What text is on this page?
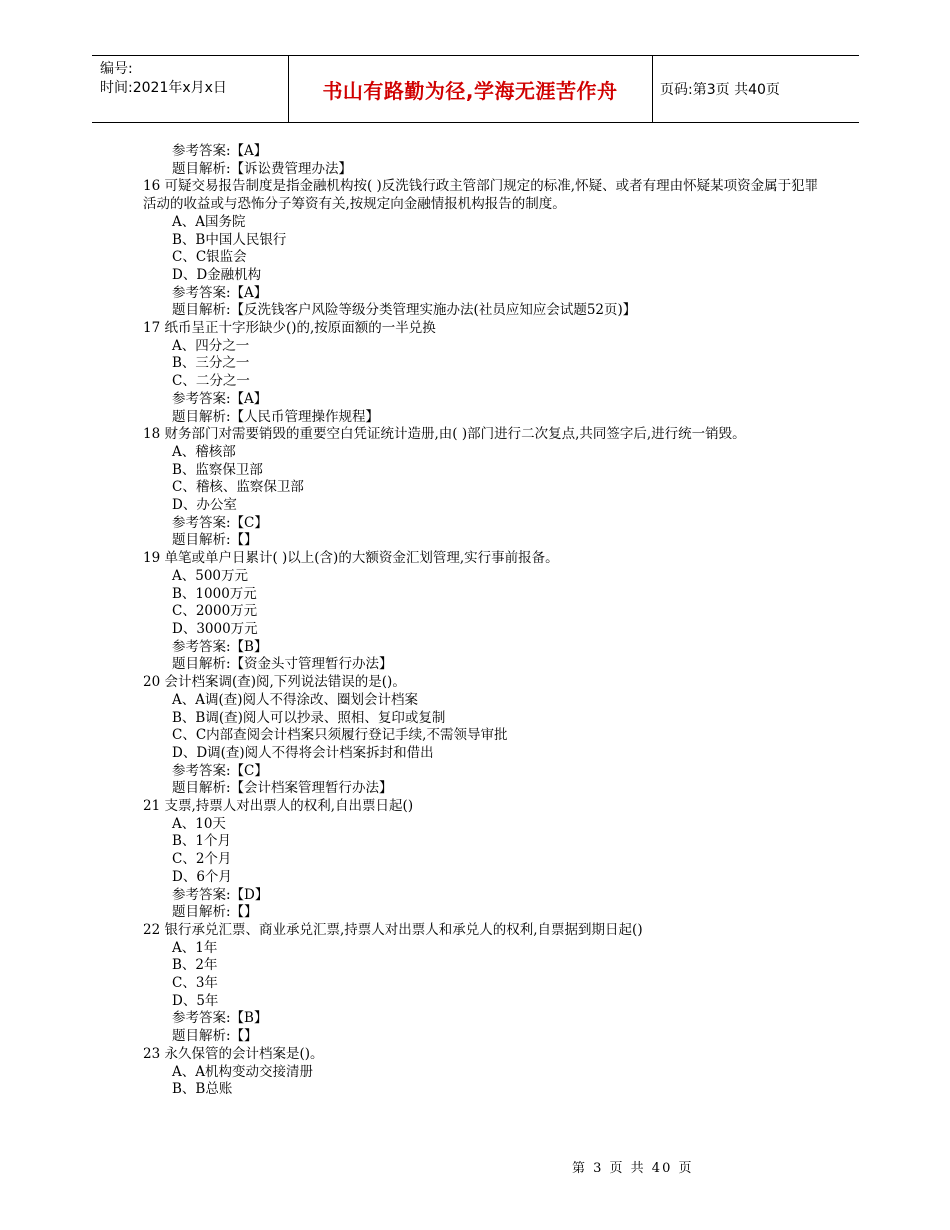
编号:
时间:2021年x月x日	书山有路勤为径,学海无涯苦作舟	页码:第3页 共40页
参考答案:【A】
题目解析:【诉讼费管理办法】
16 可疑交易报告制度是指金融机构按( )反洗钱行政主管部门规定的标准,怀疑、或者有理由怀疑某项资金属于犯罪活动的收益或与恐怖分子筹资有关,按规定向金融情报机构报告的制度。
A、A国务院
B、B中国人民银行
C、C银监会
D、D金融机构
参考答案:【A】
题目解析:【反洗钱客户风险等级分类管理实施办法(社员应知应会试题52页)】
17 纸币呈正十字形缺少()的,按原面额的一半兑换
A、四分之一
B、三分之一
C、二分之一
参考答案:【A】
题目解析:【人民币管理操作规程】
18 财务部门对需要销毁的重要空白凭证统计造册,由( )部门进行二次复点,共同签字后,进行统一销毁。
A、稽核部
B、监察保卫部
C、稽核、监察保卫部
D、办公室
参考答案:【C】
题目解析:【】
19 单笔或单户日累计( )以上(含)的大额资金汇划管理,实行事前报备。
A、500万元
B、1000万元
C、2000万元
D、3000万元
参考答案:【B】
题目解析:【资金头寸管理暂行办法】
20 会计档案调(查)阅,下列说法错误的是()。
A、A调(查)阅人不得涂改、圈划会计档案
B、B调(查)阅人可以抄录、照相、复印或复制
C、C内部查阅会计档案只须履行登记手续,不需领导审批
D、D调(查)阅人不得将会计档案拆封和借出
参考答案:【C】
题目解析:【会计档案管理暂行办法】
21 支票,持票人对出票人的权利,自出票日起()
A、10天
B、1个月
C、2个月
D、6个月
参考答案:【D】
题目解析:【】
22 银行承兑汇票、商业承兑汇票,持票人对出票人和承兑人的权利,自票据到期日起()
A、1年
B、2年
C、3年
D、5年
参考答案:【B】
题目解析:【】
23 永久保管的会计档案是()。
A、A机构变动交接清册
B、B总账
第 3 页 共 40 页
